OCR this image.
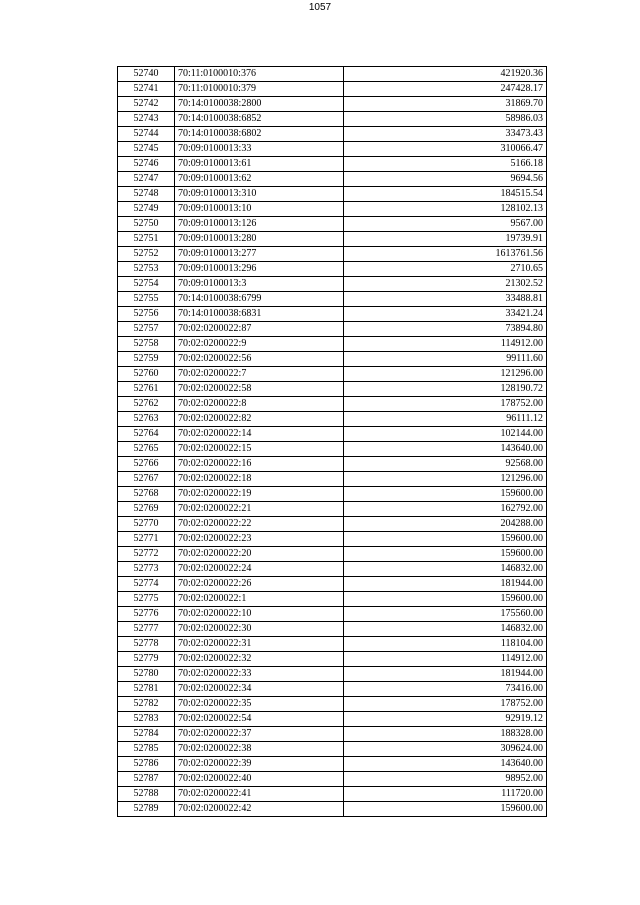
1057
52740	70:11:0100010:376	421920.36
52741	70:11:0100010:379	247428.17
52742	70:14:0100038:2800	31869.70
52743	70:14:0100038:6852	58986.03
52744	70:14:0100038:6802	33473.43
52745	70:09:0100013:33	310066.47
52746	70:09:0100013:61	5166.18
52747	70:09:0100013:62	9694.56
52748	70:09:0100013:310	184515.54
52749	70:09:0100013:10	128102.13
52750	70:09:0100013:126	9567.00
52751	70:09:0100013:280	19739.91
52752	70:09:0100013:277	1613761.56
52753	70:09:0100013:296	2710.65
52754	70:09:0100013:3	21302.52
52755	70:14:0100038:6799	33488.81
52756	70:14:0100038:6831	33421.24
52757	70:02:0200022:87	73894.80
52758	70:02:0200022:9	114912.00
52759	70:02:0200022:56	99111.60
52760	70:02:0200022:7	121296.00
52761	70:02:0200022:58	128190.72
52762	70:02:0200022:8	178752.00
52763	70:02:0200022:82	96111.12
52764	70:02:0200022:14	102144.00
52765	70:02:0200022:15	143640.00
52766	70:02:0200022:16	92568.00
52767	70:02:0200022:18	121296.00
52768	70:02:0200022:19	159600.00
52769	70:02:0200022:21	162792.00
52770	70:02:0200022:22	204288.00
52771	70:02:0200022:23	159600.00
52772	70:02:0200022:20	159600.00
52773	70:02:0200022:24	146832.00
52774	70:02:0200022:26	181944.00
52775	70:02:0200022:1	159600.00
52776	70:02:0200022:10	175560.00
52777	70:02:0200022:30	146832.00
52778	70:02:0200022:31	118104.00
52779	70:02:0200022:32	114912.00
52780	70:02:0200022:33	181944.00
52781	70:02:0200022:34	73416.00
52782	70:02:0200022:35	178752.00
52783	70:02:0200022:54	92919.12
52784	70:02:0200022:37	188328.00
52785	70:02:0200022:38	309624.00
52786	70:02:0200022:39	143640.00
52787	70:02:0200022:40	98952.00
52788	70:02:0200022:41	111720.00
52789	70:02:0200022:42	159600.00
